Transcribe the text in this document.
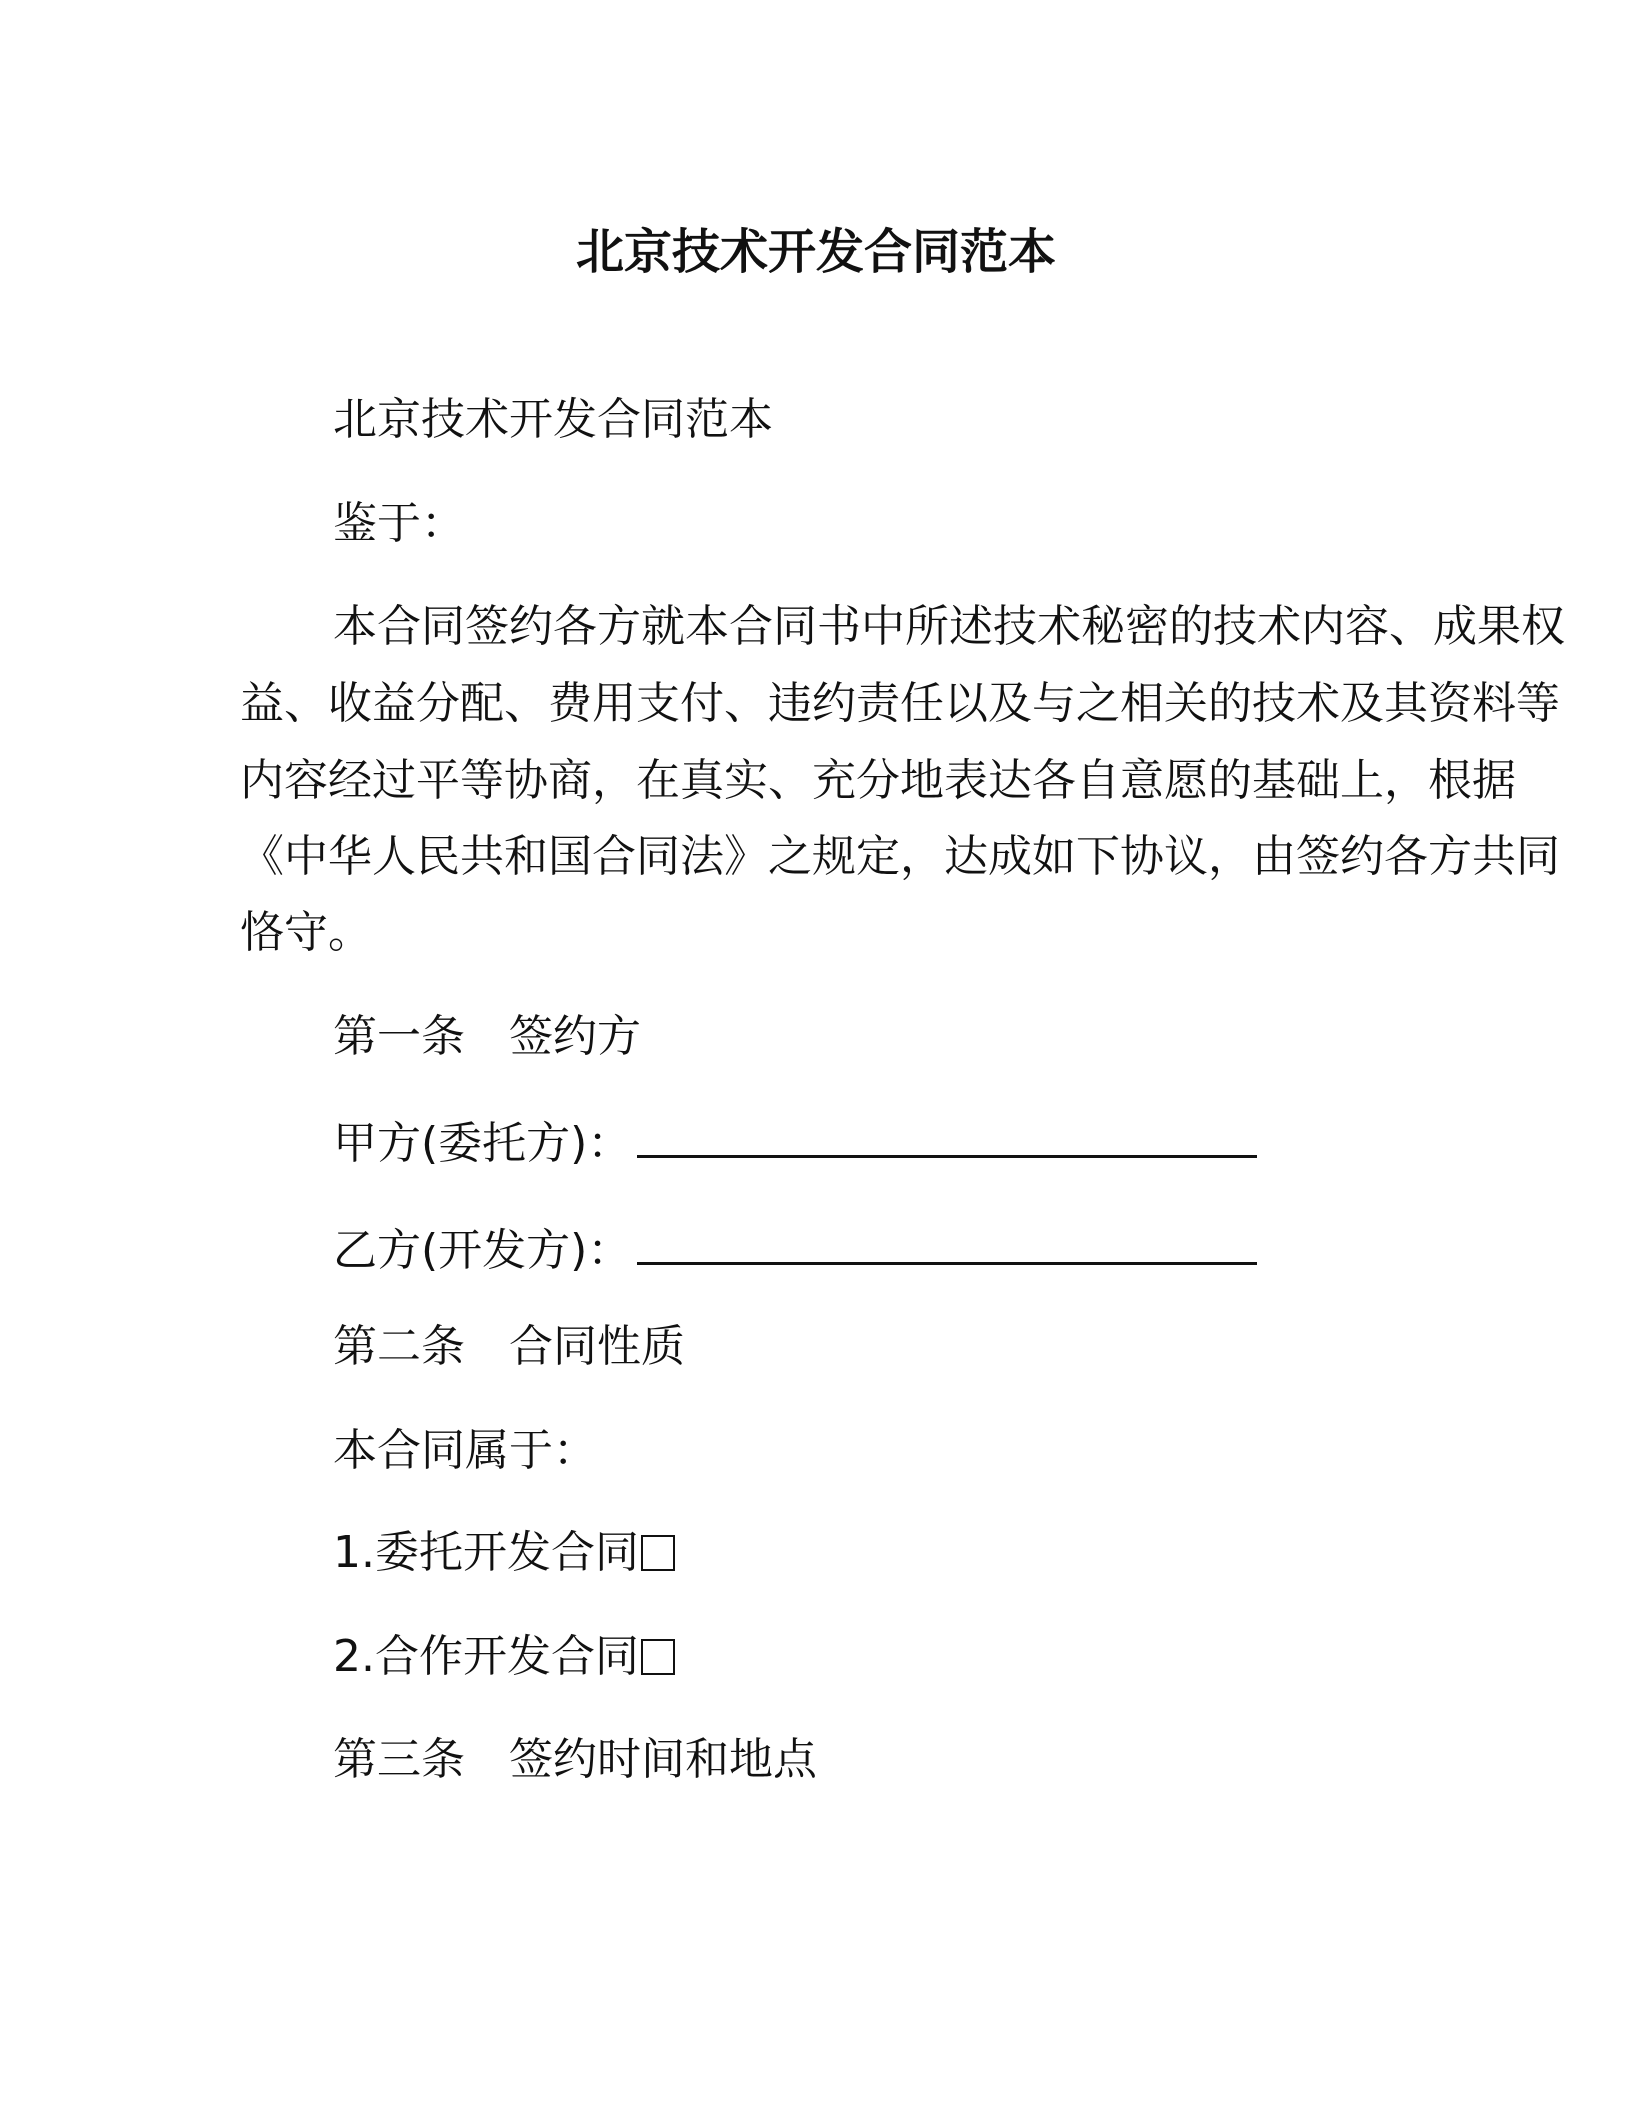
北京技术开发合同范本
北京技术开发合同范本
鉴于：
本合同签约各方就本合同书中所述技术秘密的技术内容、成果权
益、收益分配、费用支付、违约责任以及与之相关的技术及其资料等
内容经过平等协商，在真实、充分地表达各自意愿的基础上，根据
《中华人民共和国合同法》之规定，达成如下协议，由签约各方共同
恪守。
第一条　签约方
甲方(委托方)：
乙方(开发方)：
第二条　合同性质
本合同属于：
1.委托开发合同
2.合作开发合同
第三条　签约时间和地点
